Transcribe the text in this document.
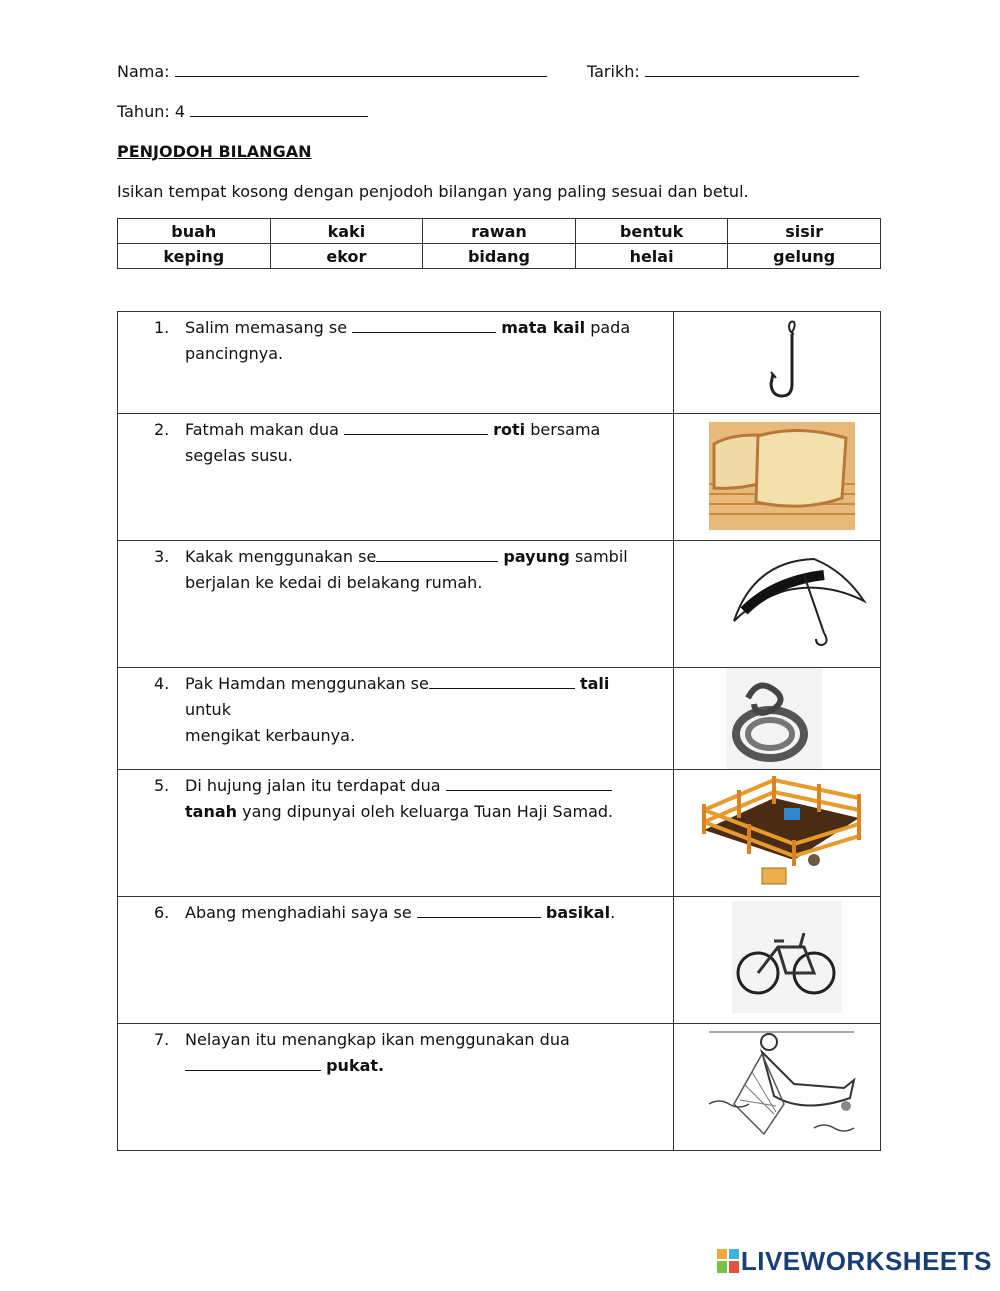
Nama:	Tarikh:
Tahun: 4
PENJODOH BILANGAN
Isikan tempat kosong dengan penjodoh bilangan yang paling sesuai dan betul.
buah	kaki	rawan	bentuk	sisir
keping	ekor	bidang	helai	gelung
1. Salim memasang se mata kail pada
pancingnya.

2. Fatmah makan dua roti bersama
segelas susu.

3. Kakak menggunakan se payung sambil
berjalan ke kedai di belakang rumah.

4. Pak Hamdan menggunakan se tali untuk
mengikat kerbaunya.

5. Di hujung jalan itu terdapat dua
tanah yang dipunyai oleh keluarga Tuan Haji Samad.

6. Abang menghadiahi saya se basikal.

7. Nelayan itu menangkap ikan menggunakan dua
pukat.

LIVEWORKSHEETS
